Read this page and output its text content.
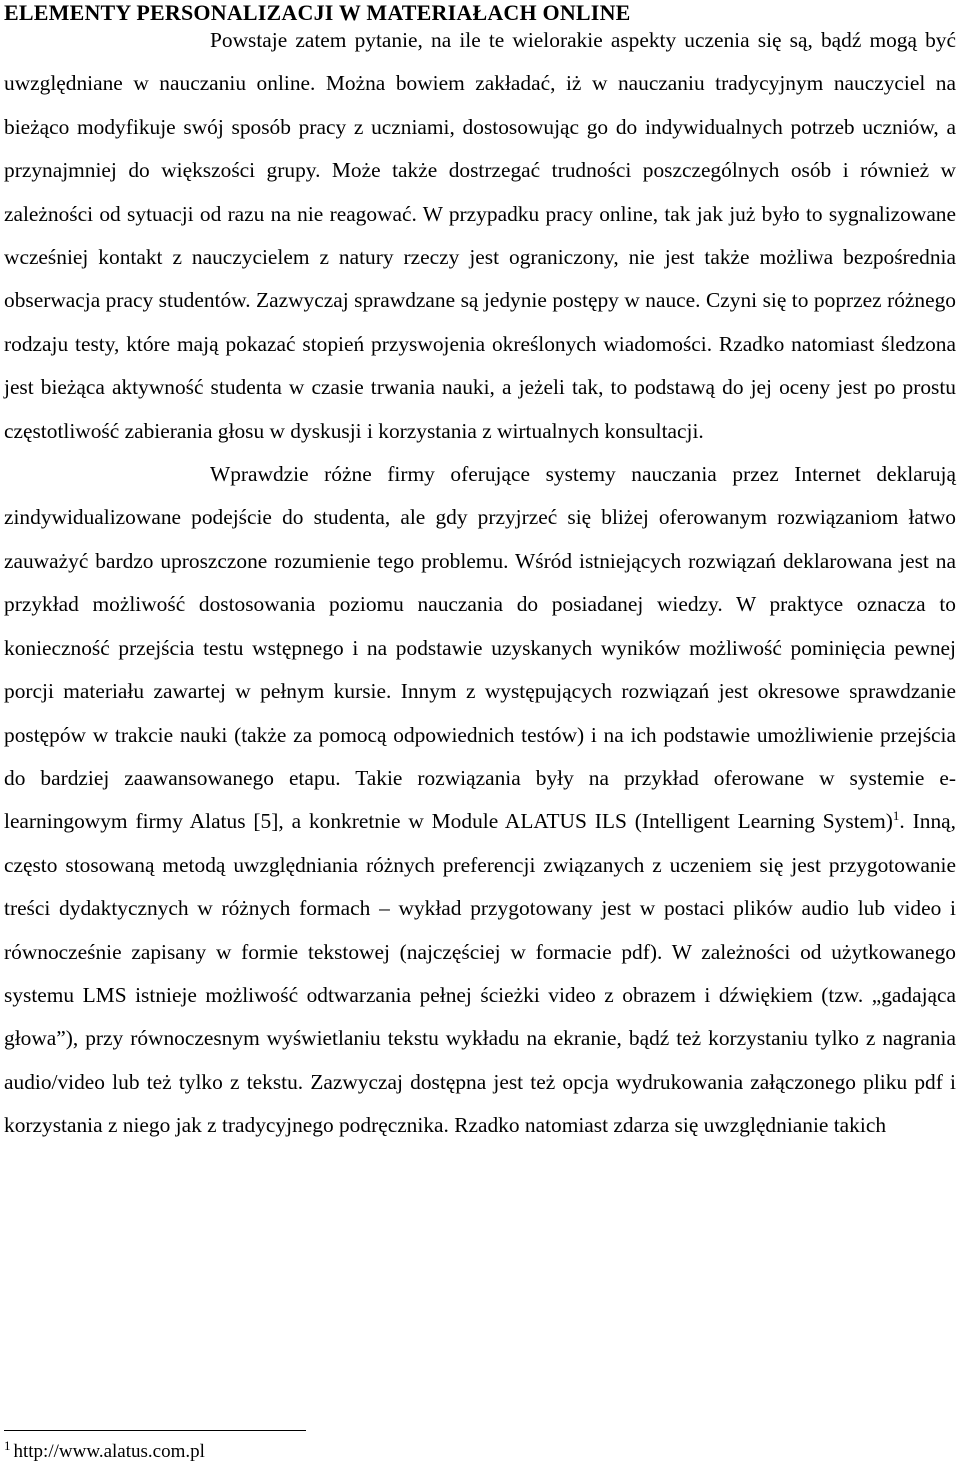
ELEMENTY PERSONALIZACJI W MATERIAŁACH ONLINE

Powstaje zatem pytanie, na ile te wielorakie aspekty uczenia się są, bądź mogą być uwzględniane w nauczaniu online. Można bowiem zakładać, iż w nauczaniu tradycyjnym nauczyciel na bieżąco modyfikuje swój sposób pracy z uczniami, dostosowując go do indywidualnych potrzeb uczniów, a przynajmniej do większości grupy. Może także dostrzegać trudności poszczególnych osób i również w zależności od sytuacji od razu na nie reagować. W przypadku pracy online, tak jak już było to sygnalizowane wcześniej kontakt z nauczycielem z natury rzeczy jest ograniczony, nie jest także możliwa bezpośrednia obserwacja pracy studentów. Zazwyczaj sprawdzane są jedynie postępy w nauce. Czyni się to poprzez różnego rodzaju testy, które mają pokazać stopień przyswojenia określonych wiadomości. Rzadko natomiast śledzona jest bieżąca aktywność studenta w czasie trwania nauki, a jeżeli tak, to podstawą do jej oceny jest po prostu częstotliwość zabierania głosu w dyskusji i korzystania z wirtualnych konsultacji.

Wprawdzie różne firmy oferujące systemy nauczania przez Internet deklarują zindywidualizowane podejście do studenta, ale gdy przyjrzeć się bliżej oferowanym rozwiązaniom łatwo zauważyć bardzo uproszczone rozumienie tego problemu. Wśród istniejących rozwiązań deklarowana jest na przykład możliwość dostosowania poziomu nauczania do posiadanej wiedzy. W praktyce oznacza to konieczność przejścia testu wstępnego i na podstawie uzyskanych wyników możliwość pominięcia pewnej porcji materiału zawartej w pełnym kursie. Innym z występujących rozwiązań jest okresowe sprawdzanie postępów w trakcie nauki (także za pomocą odpowiednich testów) i na ich podstawie umożliwienie przejścia do bardziej zaawansowanego etapu. Takie rozwiązania były na przykład oferowane w systemie e-learningowym firmy Alatus [5], a konkretnie w Module ALATUS ILS (Intelligent Learning System)$^1$. Inną, często stosowaną metodą uwzględniania różnych preferencji związanych z uczeniem się jest przygotowanie treści dydaktycznych w różnych formach – wykład przygotowany jest w postaci plików audio lub video i równocześnie zapisany w formie tekstowej (najczęściej w formacie pdf). W zależności od użytkowanego systemu LMS istnieje możliwość odtwarzania pełnej ścieżki video z obrazem i dźwiękiem (tzw. „gadająca głowa”), przy równoczesnym wyświetlaniu tekstu wykładu na ekranie, bądź też korzystaniu tylko z nagrania audio/video lub też tylko z tekstu. Zazwyczaj dostępna jest też opcja wydrukowania załączonego pliku pdf i korzystania z niego jak z tradycyjnego podręcznika. Rzadko natomiast zdarza się uwzględnianie takich

$^1$ http://www.alatus.com.pl
